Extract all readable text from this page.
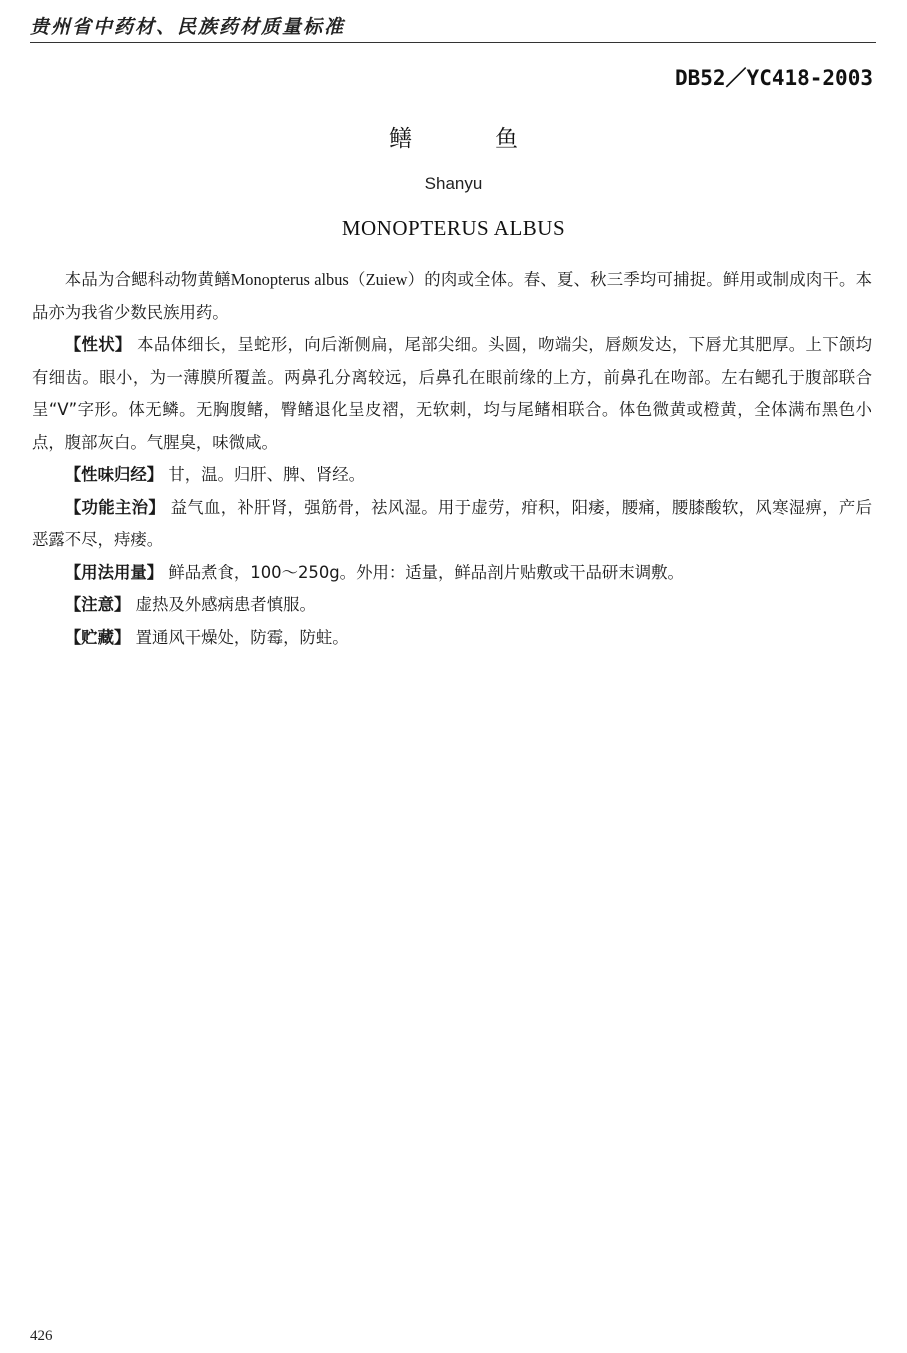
贵州省中药材、民族药材质量标准
DB52／YC418-2003
鳝　鱼
Shanyu
MONOPTERUS ALBUS

本品为合鳃科动物黄鳝Monopterus albus（Zuiew）的肉或全体。春、夏、秋三季均可捕捉。鲜用或制成肉干。本品亦为我省少数民族用药。

【性状】 本品体细长，呈蛇形，向后渐侧扁，尾部尖细。头圆，吻端尖，唇颇发达，下唇尤其肥厚。上下颌均有细齿。眼小，为一薄膜所覆盖。两鼻孔分离较远，后鼻孔在眼前缘的上方，前鼻孔在吻部。左右鳃孔于腹部联合呈“V”字形。体无鳞。无胸腹鳍，臀鳍退化呈皮褶，无软刺，均与尾鳍相联合。体色微黄或橙黄，全体满布黑色小点，腹部灰白。气腥臭，味微咸。

【性味归经】 甘，温。归肝、脾、肾经。

【功能主治】 益气血，补肝肾，强筋骨，祛风湿。用于虚劳，疳积，阳痿，腰痛，腰膝酸软，风寒湿痹，产后恶露不尽，痔瘘。

【用法用量】 鲜品煮食，100～250g。外用：适量，鲜品剖片贴敷或干品研末调敷。

【注意】 虚热及外感病患者慎服。

【贮藏】 置通风干燥处，防霉，防蛀。

426
